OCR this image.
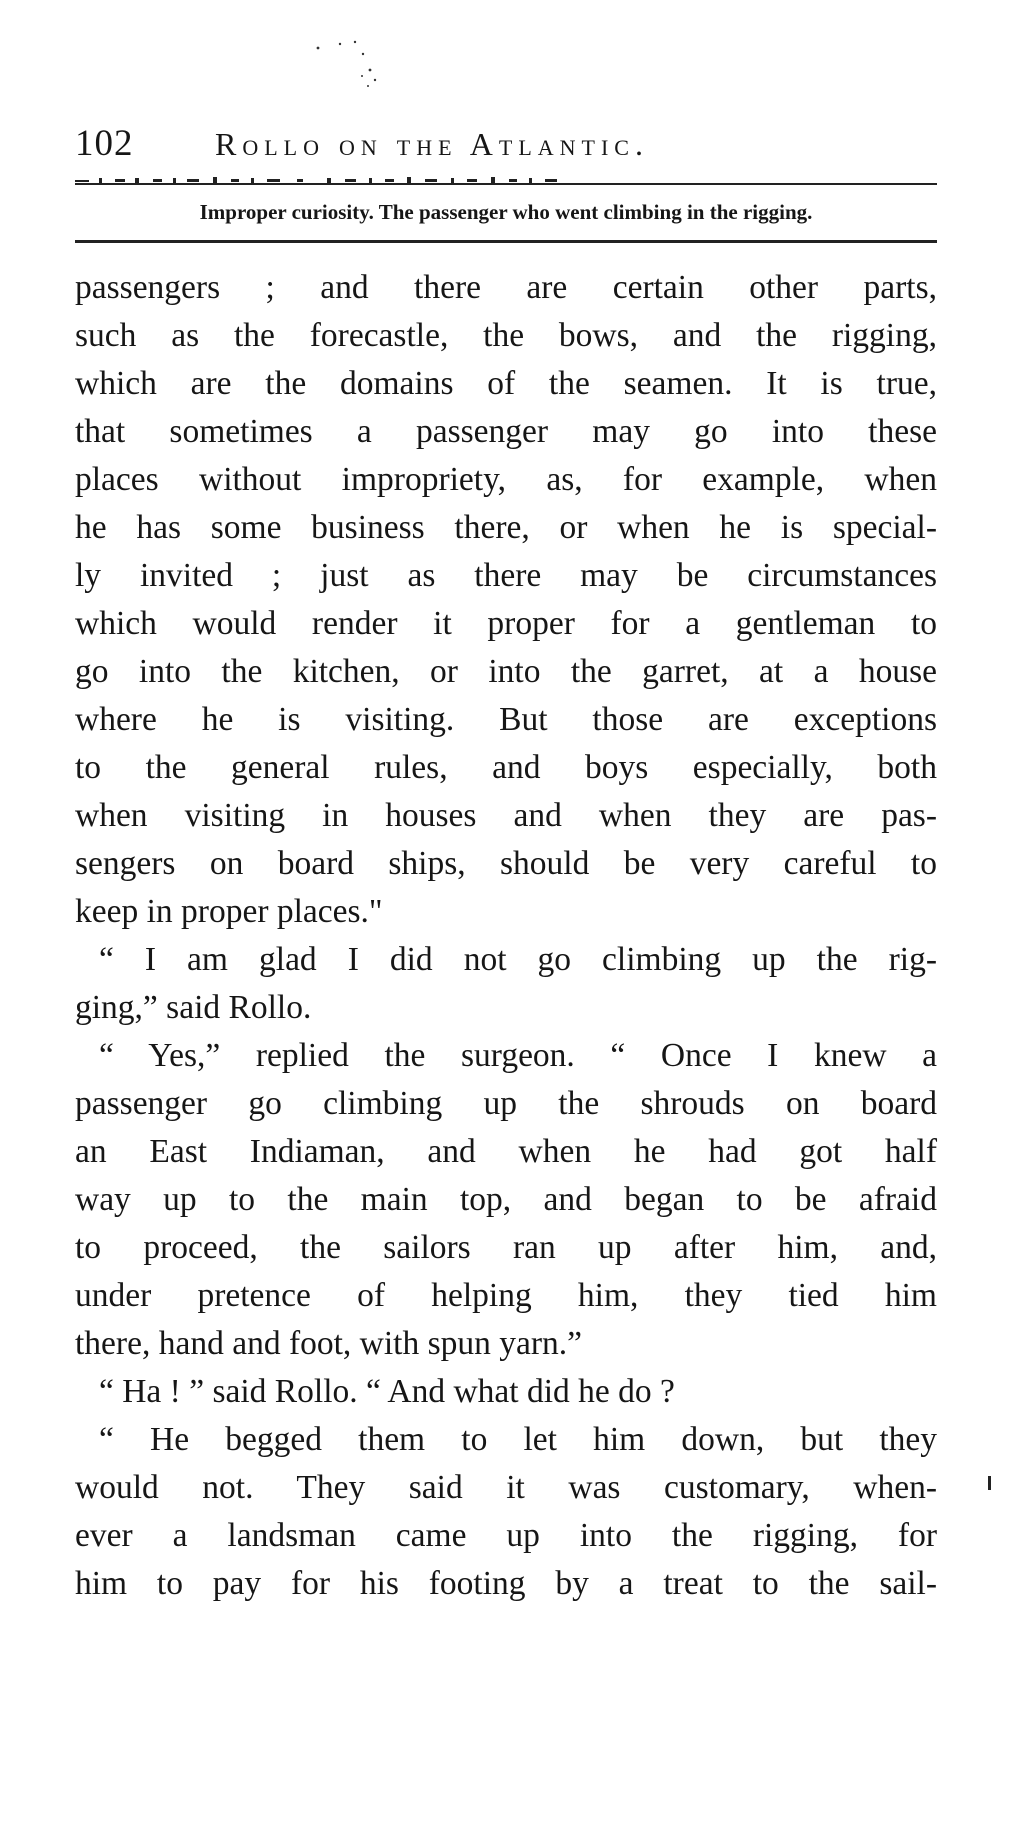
102	Rollo on the Atlantic.
Improper curiosity. The passenger who went climbing in the rigging.
passengers ; and there are certain other parts,
such as the forecastle, the bows, and the rigging,
which are the domains of the seamen. It is true,
that sometimes a passenger may go into these
places without impropriety, as, for example, when
he has some business there, or when he is special-
ly invited ; just as there may be circumstances
which would render it proper for a gentleman to
go into the kitchen, or into the garret, at a house
where he is visiting. But those are exceptions
to the general rules, and boys especially, both
when visiting in houses and when they are pas-
sengers on board ships, should be very careful to
keep in proper places."
“ I am glad I did not go climbing up the rig-
ging,” said Rollo.
“ Yes,” replied the surgeon. “ Once I knew a
passenger go climbing up the shrouds on board
an East Indiaman, and when he had got half
way up to the main top, and began to be afraid
to proceed, the sailors ran up after him, and,
under pretence of helping him, they tied him
there, hand and foot, with spun yarn.”
“ Ha ! ” said Rollo. “ And what did he do ?
“ He begged them to let him down, but they
would not. They said it was customary, when-
ever a landsman came up into the rigging, for
him to pay for his footing by a treat to the sail-
